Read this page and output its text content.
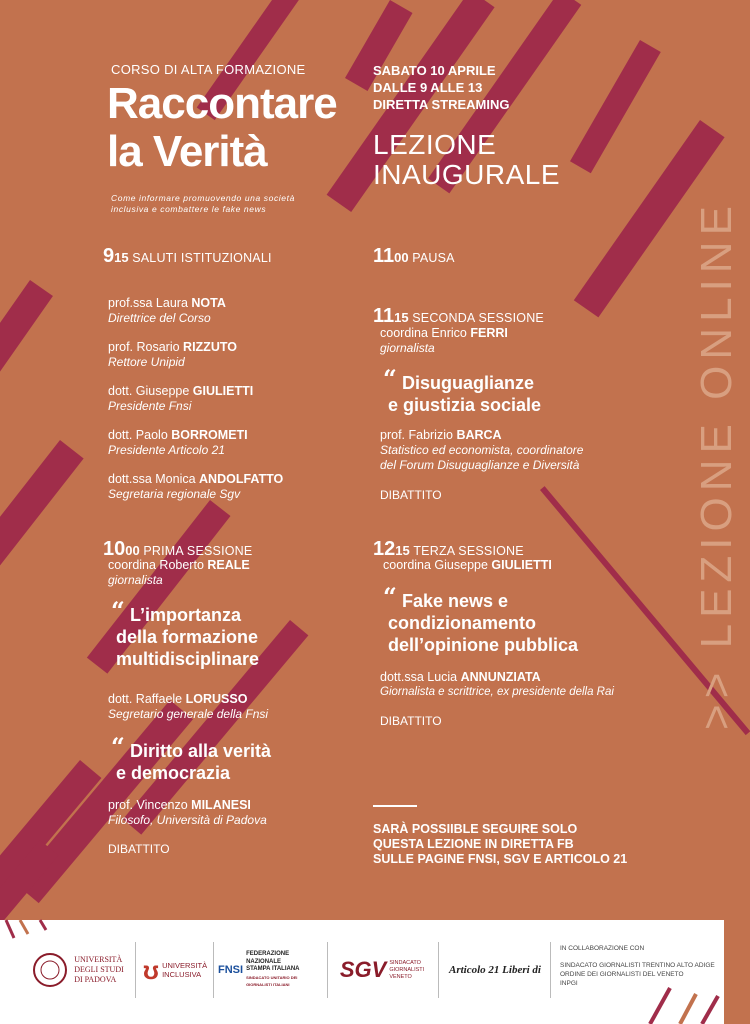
CORSO DI ALTA FORMAZIONE
Raccontare
la Verità
Come informare promuovendo una società inclusiva e combattere le fake news
SABATO 10 APRILE
DALLE 9 ALLE 13
DIRETTA STREAMING
LEZIONE
INAUGURALE
915 SALUTI ISTITUZIONALI
prof.ssa Laura NOTA
Direttrice del Corso
prof. Rosario RIZZUTO
Rettore Unipid
dott. Giuseppe GIULIETTI
Presidente Fnsi
dott. Paolo BORROMETI
Presidente Articolo 21
dott.ssa Monica ANDOLFATTO
Segretaria regionale Sgv
1000 PRIMA SESSIONE
coordina Roberto REALE
giornalista
“ L’importanza
della formazione
multidisciplinare
dott. Raffaele LORUSSO
Segretario generale della Fnsi
“ Diritto alla verità
e democrazia
prof. Vincenzo MILANESI
Filosofo, Università di Padova
DIBATTITO
1100 PAUSA
1115 SECONDA SESSIONE
coordina Enrico FERRI
giornalista
“ Disuguaglianze
e giustizia sociale
prof. Fabrizio BARCA
Statistico ed economista, coordinatore
del Forum Disuguaglianze e Diversità
DIBATTITO
1215 TERZA SESSIONE
coordina Giuseppe GIULIETTI
“ Fake news e
condizionamento
dell’opinione pubblica
dott.ssa Lucia ANNUNZIATA
Giornalista e scrittrice, ex presidente della Rai
DIBATTITO
SARÀ POSSIIBLE SEGUIRE SOLO
QUESTA LEZIONE IN DIRETTA FB
SULLE PAGINE FNSI, SGV E ARTICOLO 21
>> LEZIONE ONLINE
UNIVERSITÀ
DEGLI STUDI
DI PADOVA ʊ UNIVERSITÀ
INCLUSIVA	FNSI
FEDERAZIONE NAZIONALE
STAMPA ITALIANA
SINDACATO UNITARIO DEI GIORNALISTI ITALIANI
SGV SINDACATO
GIORNALISTI
VENETO
Articolo 21 Liberi di
IN COLLABORAZIONE CON
SINDACATO GIORNALISTI TRENTINO ALTO ADIGE
ORDINE DEI GIORNALISTI DEL VENETO
INPGI
